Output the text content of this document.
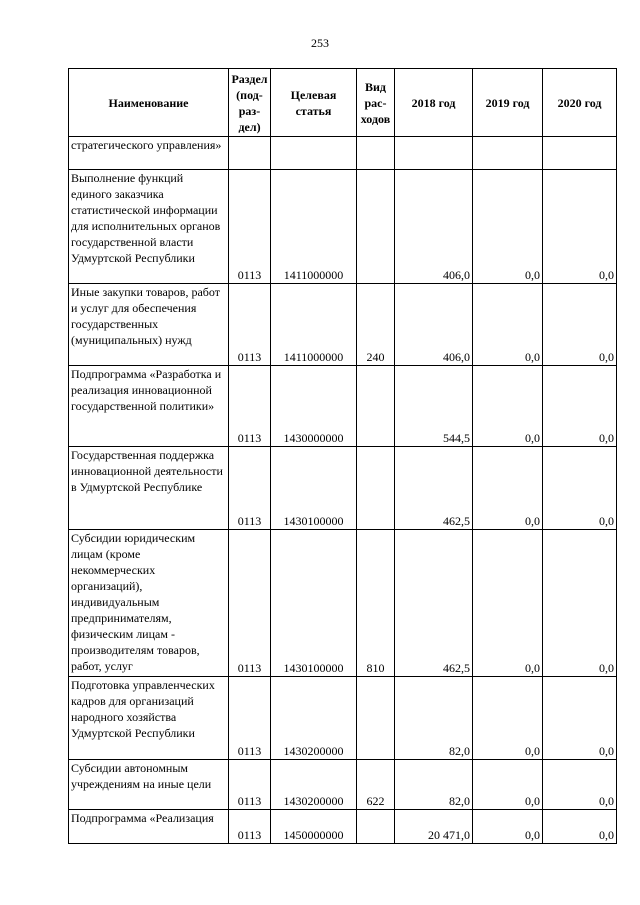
253
Наименование	Раздел (под-раз-дел)	Целевая статья	Вид рас-ходов	2018 год	2019 год	2020 год
стратегического управления»						
Выполнение функций единого заказчика статистической информации для исполнительных органов государственной власти Удмуртской Республики	0113	1411000000		406,0	0,0	0,0
Иные закупки товаров, работ и услуг для обеспечения государственных (муниципальных) нужд	0113	1411000000	240	406,0	0,0	0,0
Подпрограмма «Разработка и реализация инновационной государственной политики»	0113	1430000000		544,5	0,0	0,0
Государственная поддержка инновационной деятельности в Удмуртской Республике	0113	1430100000		462,5	0,0	0,0
Субсидии юридическим лицам (кроме некоммерческих организаций), индивидуальным предпринимателям, физическим лицам - производителям товаров, работ, услуг	0113	1430100000	810	462,5	0,0	0,0
Подготовка управленческих кадров для организаций народного хозяйства Удмуртской Республики	0113	1430200000		82,0	0,0	0,0
Субсидии автономным учреждениям на иные цели	0113	1430200000	622	82,0	0,0	0,0
Подпрограмма «Реализация	0113	1450000000		20 471,0	0,0	0,0
